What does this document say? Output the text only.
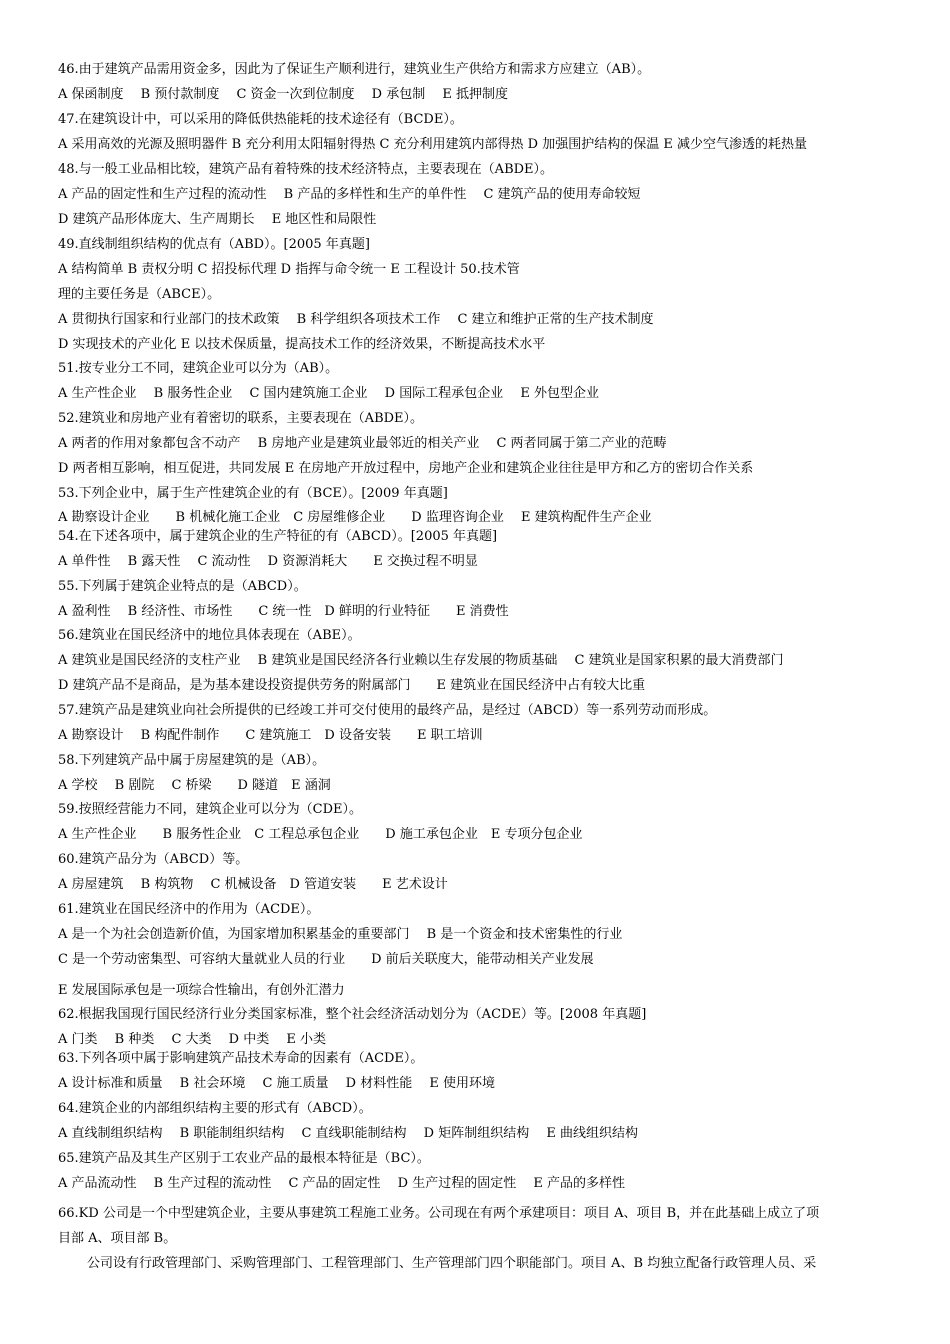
46.由于建筑产品需用资金多，因此为了保证生产顺利进行，建筑业生产供给方和需求方应建立（AB）。
A 保函制度　 B 预付款制度　 C 资金一次到位制度　 D 承包制　 E 抵押制度
47.在建筑设计中，可以采用的降低供热能耗的技术途径有（BCDE）。
A 采用高效的光源及照明器件 B 充分利用太阳辐射得热 C 充分利用建筑内部得热 D 加强围护结构的保温 E 减少空气渗透的耗热量
48.与一般工业品相比较，建筑产品有着特殊的技术经济特点，主要表现在（ABDE）。
A 产品的固定性和生产过程的流动性　 B 产品的多样性和生产的单件性　 C 建筑产品的使用寿命较短
D 建筑产品形体庞大、生产周期长　 E 地区性和局限性
49.直线制组织结构的优点有（ABD）。[2005 年真题]
A 结构简单 B 责权分明 C 招投标代理 D 指挥与命令统一 E 工程设计 50.技术管
理的主要任务是（ABCE）。
A 贯彻执行国家和行业部门的技术政策　 B 科学组织各项技术工作　 C 建立和维护正常的生产技术制度
D 实现技术的产业化 E 以技术保质量，提高技术工作的经济效果，不断提高技术水平
51.按专业分工不同，建筑企业可以分为（AB）。
A 生产性企业　 B 服务性企业　 C 国内建筑施工企业　 D 国际工程承包企业　 E 外包型企业
52.建筑业和房地产业有着密切的联系，主要表现在（ABDE）。
A 两者的作用对象都包含不动产　 B 房地产业是建筑业最邻近的相关产业　 C 两者同属于第二产业的范畴
D 两者相互影响，相互促进，共同发展 E 在房地产开放过程中，房地产企业和建筑企业往往是甲方和乙方的密切合作关系
53.下列企业中，属于生产性建筑企业的有（BCE）。[2009 年真题]
A 勘察设计企业　　B 机械化施工企业　C 房屋维修企业　　D 监理咨询企业　 E 建筑构配件生产企业
54.在下述各项中，属于建筑企业的生产特征的有（ABCD）。[2005 年真题]
A 单件性　 B 露天性　 C 流动性　 D 资源消耗大　　E 交换过程不明显
55.下列属于建筑企业特点的是（ABCD）。
A 盈利性　 B 经济性、市场性　　C 统一性　D 鲜明的行业特征　　E 消费性
56.建筑业在国民经济中的地位具体表现在（ABE）。
A 建筑业是国民经济的支柱产业　 B 建筑业是国民经济各行业赖以生存发展的物质基础　 C 建筑业是国家积累的最大消费部门
D 建筑产品不是商品，是为基本建设投资提供劳务的附属部门　　E 建筑业在国民经济中占有较大比重
57.建筑产品是建筑业向社会所提供的已经竣工并可交付使用的最终产品，是经过（ABCD）等一系列劳动而形成。
A 勘察设计　 B 构配件制作　　C 建筑施工　D 设备安装　　E 职工培训
58.下列建筑产品中属于房屋建筑的是（AB）。
A 学校　 B 剧院　 C 桥梁　　D 隧道　E 涵洞
59.按照经营能力不同，建筑企业可以分为（CDE）。
A 生产性企业　　B 服务性企业　C 工程总承包企业　　D 施工承包企业　E 专项分包企业
60.建筑产品分为（ABCD）等。
A 房屋建筑　 B 构筑物　 C 机械设备　D 管道安装　　E 艺术设计
61.建筑业在国民经济中的作用为（ACDE）。
A 是一个为社会创造新价值，为国家增加积累基金的重要部门　 B 是一个资金和技术密集性的行业
C 是一个劳动密集型、可容纳大量就业人员的行业　　D 前后关联度大，能带动相关产业发展
E 发展国际承包是一项综合性输出，有创外汇潜力
62.根据我国现行国民经济行业分类国家标准，整个社会经济活动划分为（ACDE）等。[2008 年真题]
A 门类　 B 种类　 C 大类　 D 中类　 E 小类
63.下列各项中属于影响建筑产品技术寿命的因素有（ACDE）。
A 设计标准和质量　 B 社会环境　 C 施工质量　 D 材料性能　 E 使用环境
64.建筑企业的内部组织结构主要的形式有（ABCD）。
A 直线制组织结构　 B 职能制组织结构　 C 直线职能制结构　 D 矩阵制组织结构　 E 曲线组织结构
65.建筑产品及其生产区别于工农业产品的最根本特征是（BC）。
A 产品流动性　 B 生产过程的流动性　 C 产品的固定性　 D 生产过程的固定性　 E 产品的多样性
66.KD 公司是一个中型建筑企业，主要从事建筑工程施工业务。公司现在有两个承建项目：项目 A、项目 B，并在此基础上成立了项
目部 A、项目部 B。
公司设有行政管理部门、采购管理部门、工程管理部门、生产管理部门四个职能部门。项目 A、B 均独立配备行政管理人员、采
